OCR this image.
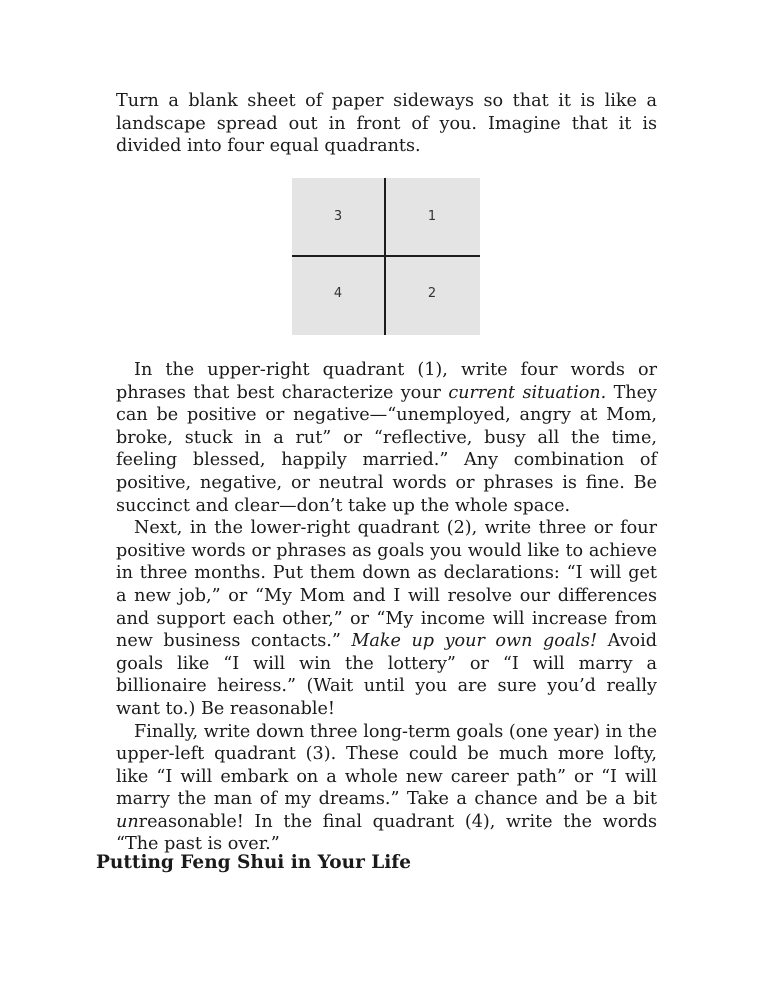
Turn a blank sheet of paper sideways so that it is like a landscape spread out in front of you. Imagine that it is divided into four equal quadrants.

3	1
4	2

In the upper-right quadrant (1), write four words or phrases that best characterize your current situation. They can be positive or negative—“unemployed, angry at Mom, broke, stuck in a rut” or “reflective, busy all the time, feeling blessed, happily married.” Any combination of positive, negative, or neutral words or phrases is fine. Be succinct and clear—don’t take up the whole space.

Next, in the lower-right quadrant (2), write three or four positive words or phrases as goals you would like to achieve in three months. Put them down as declarations: “I will get a new job,” or “My Mom and I will resolve our differences and support each other,” or “My income will increase from new business contacts.” Make up your own goals! Avoid goals like “I will win the lottery” or “I will marry a billionaire heiress.” (Wait until you are sure you’d really want to.) Be reasonable!

Finally, write down three long-term goals (one year) in the upper-left quadrant (3). These could be much more lofty, like “I will embark on a whole new career path” or “I will marry the man of my dreams.” Take a chance and be a bit unreasonable! In the final quadrant (4), write the words “The past is over.”

Putting Feng Shui in Your Life
